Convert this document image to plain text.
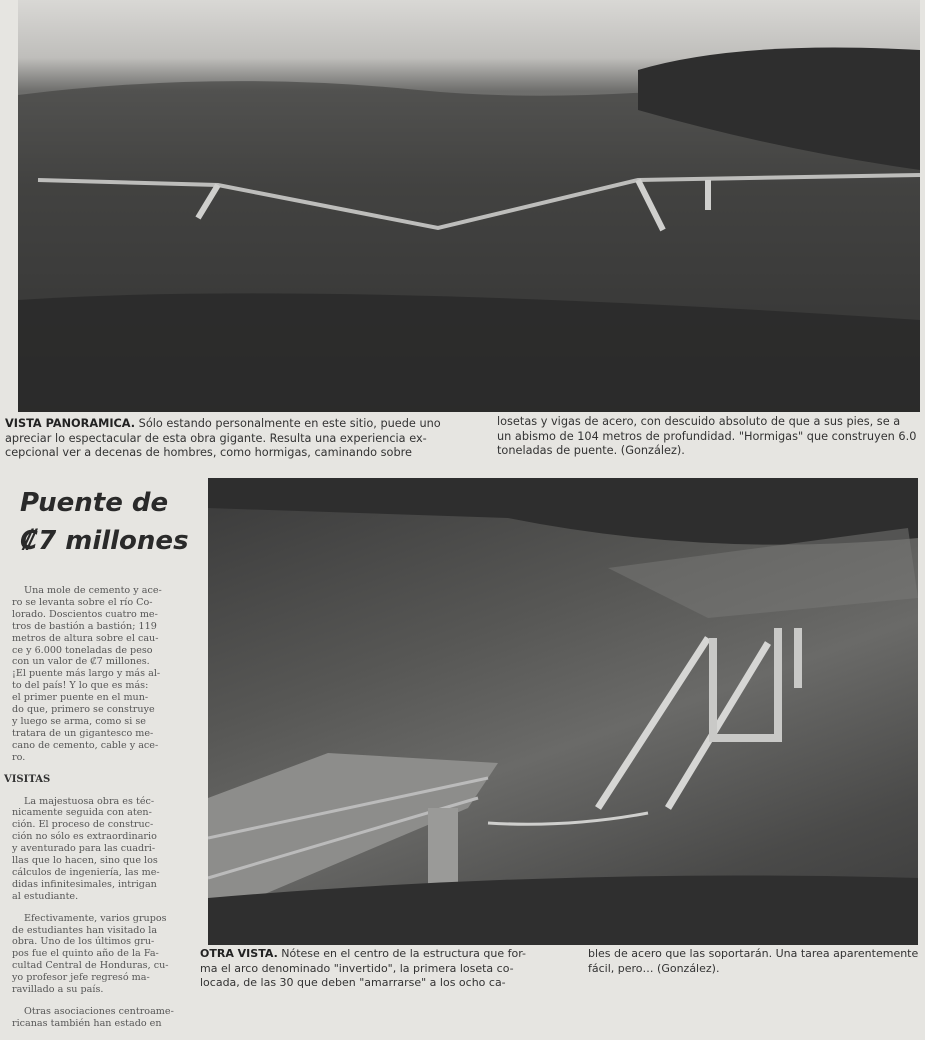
VISTA PANORAMICA. Sólo estando personalmente en este sitio, puede uno
apreciar lo espectacular de esta obra gigante. Resulta una experiencia ex-
cepcional ver a decenas de hombres, como hormigas, caminando sobre
losetas y vigas de acero, con descuido absoluto de que a sus pies, se a
un abismo de 104 metros de profundidad. "Hormigas" que construyen 6.0
toneladas de puente. (González).
Puente de
₡7 millones

Una mole de cemento y ace-
ro se levanta sobre el río Co-
lorado. Doscientos cuatro me-
tros de bastión a bastión; 119
metros de altura sobre el cau-
ce y 6.000 toneladas de peso
con un valor de ₡7 millones.
¡El puente más largo y más al-
to del país! Y lo que es más:
el primer puente en el mun-
do que, primero se construye
y luego se arma, como si se
tratara de un gigantesco me-
cano de cemento, cable y ace-
ro.

VISITAS

La majestuosa obra es téc-
nicamente seguida con aten-
ción. El proceso de construc-
ción no sólo es extraordinario
y aventurado para las cuadri-
llas que lo hacen, sino que los
cálculos de ingeniería, las me-
didas infinitesimales, intrigan
al estudiante.

Efectivamente, varios grupos
de estudiantes han visitado la
obra. Uno de los últimos gru-
pos fue el quinto año de la Fa-
cultad Central de Honduras, cu-
yo profesor jefe regresó ma-
ravillado a su país.

Otras asociaciones centroame-
ricanas también han estado en

OTRA VISTA. Nótese en el centro de la estructura que for-
ma el arco denominado "invertido", la primera loseta co-
locada, de las 30 que deben "amarrarse" a los ocho ca-
bles de acero que las soportarán. Una tarea aparentemente
fácil, pero… (González).
